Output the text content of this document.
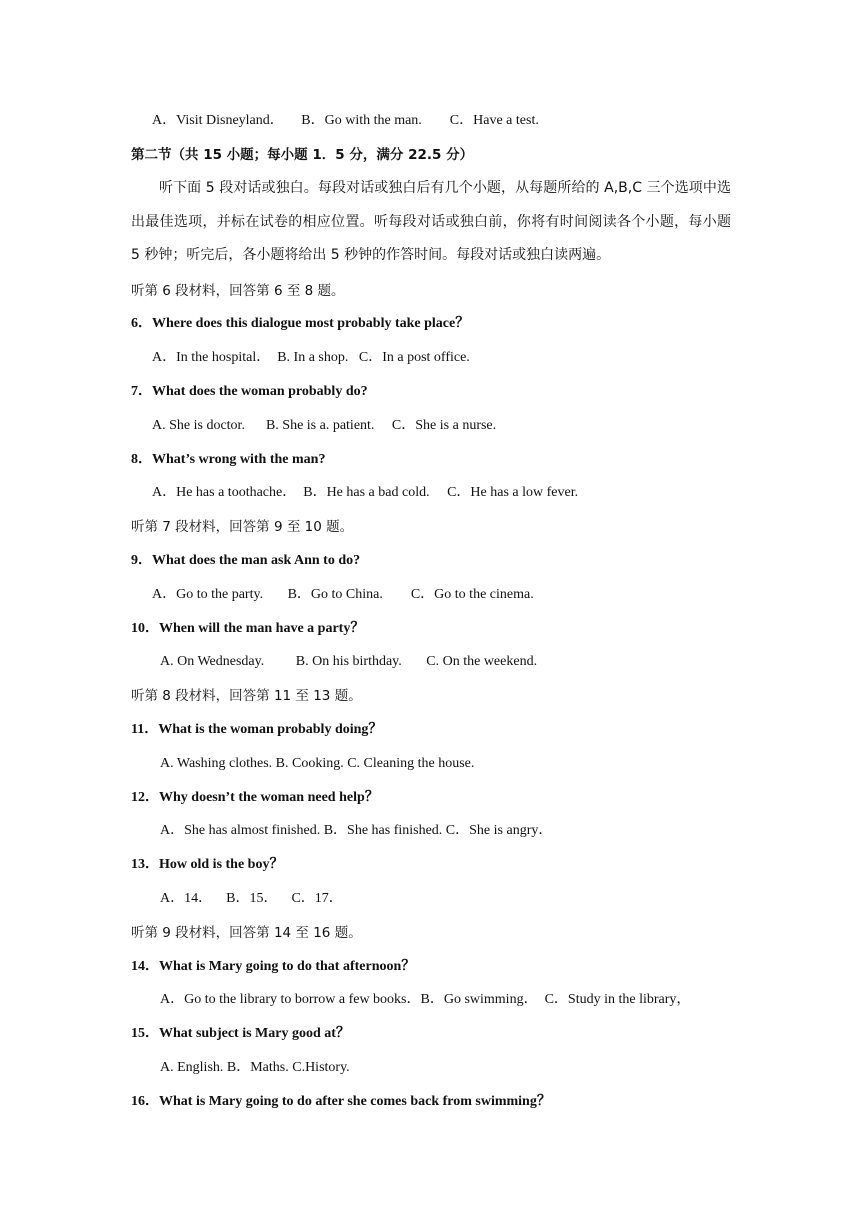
A．Visit Disneyland．     B．Go with the man.        C．Have a test.
第二节（共 15 小题；每小题 1．5 分，满分 22.5 分）
听下面 5 段对话或独白。每段对话或独白后有几个小题，从每题所给的 A,B,C 三个选项中选出最佳选项，并标在试卷的相应位置。听每段对话或独白前，你将有时间阅读各个小题，每小题 5 秒钟；听完后，各小题将给出 5 秒钟的作答时间。每段对话或独白读两遍。
听第 6 段材料，回答第 6 至 8 题。
6．Where does this dialogue most probably take place？
A．In the hospital．  B. In a shop.   C．In a post office.
7．What does the woman probably do?
A. She is doctor.      B. She is a. patient.     C．She is a nurse.
8．What’s wrong with the man?
A．He has a toothache．  B．He has a bad cold.     C．He has a low fever.
听第 7 段材料，回答第 9 至 10 题。
9．What does the man ask Ann to do?
A．Go to the party.       B．Go to China.        C．Go to the cinema.
10．When will the man have a party？
A. On Wednesday.         B. On his birthday.       C. On the weekend.
听第 8 段材料，回答第 11 至 13 题。
11．What is the woman probably doing？
A. Washing clothes. B. Cooking. C. Cleaning the house.
12．Why doesn’t the woman need help？
A．She has almost finished. B．She has finished. C．She is angry．
13．How old is the boy？
A．14．    B．15．    C．17．
听第 9 段材料，回答第 14 至 16 题。
14．What is Mary going to do that afternoon？
A．Go to the library to borrow a few books．B．Go swimming．  C．Study in the library，
15．What subject is Mary good at？
A. English. B．Maths. C.History.
16．What is Mary going to do after she comes back from swimming？
